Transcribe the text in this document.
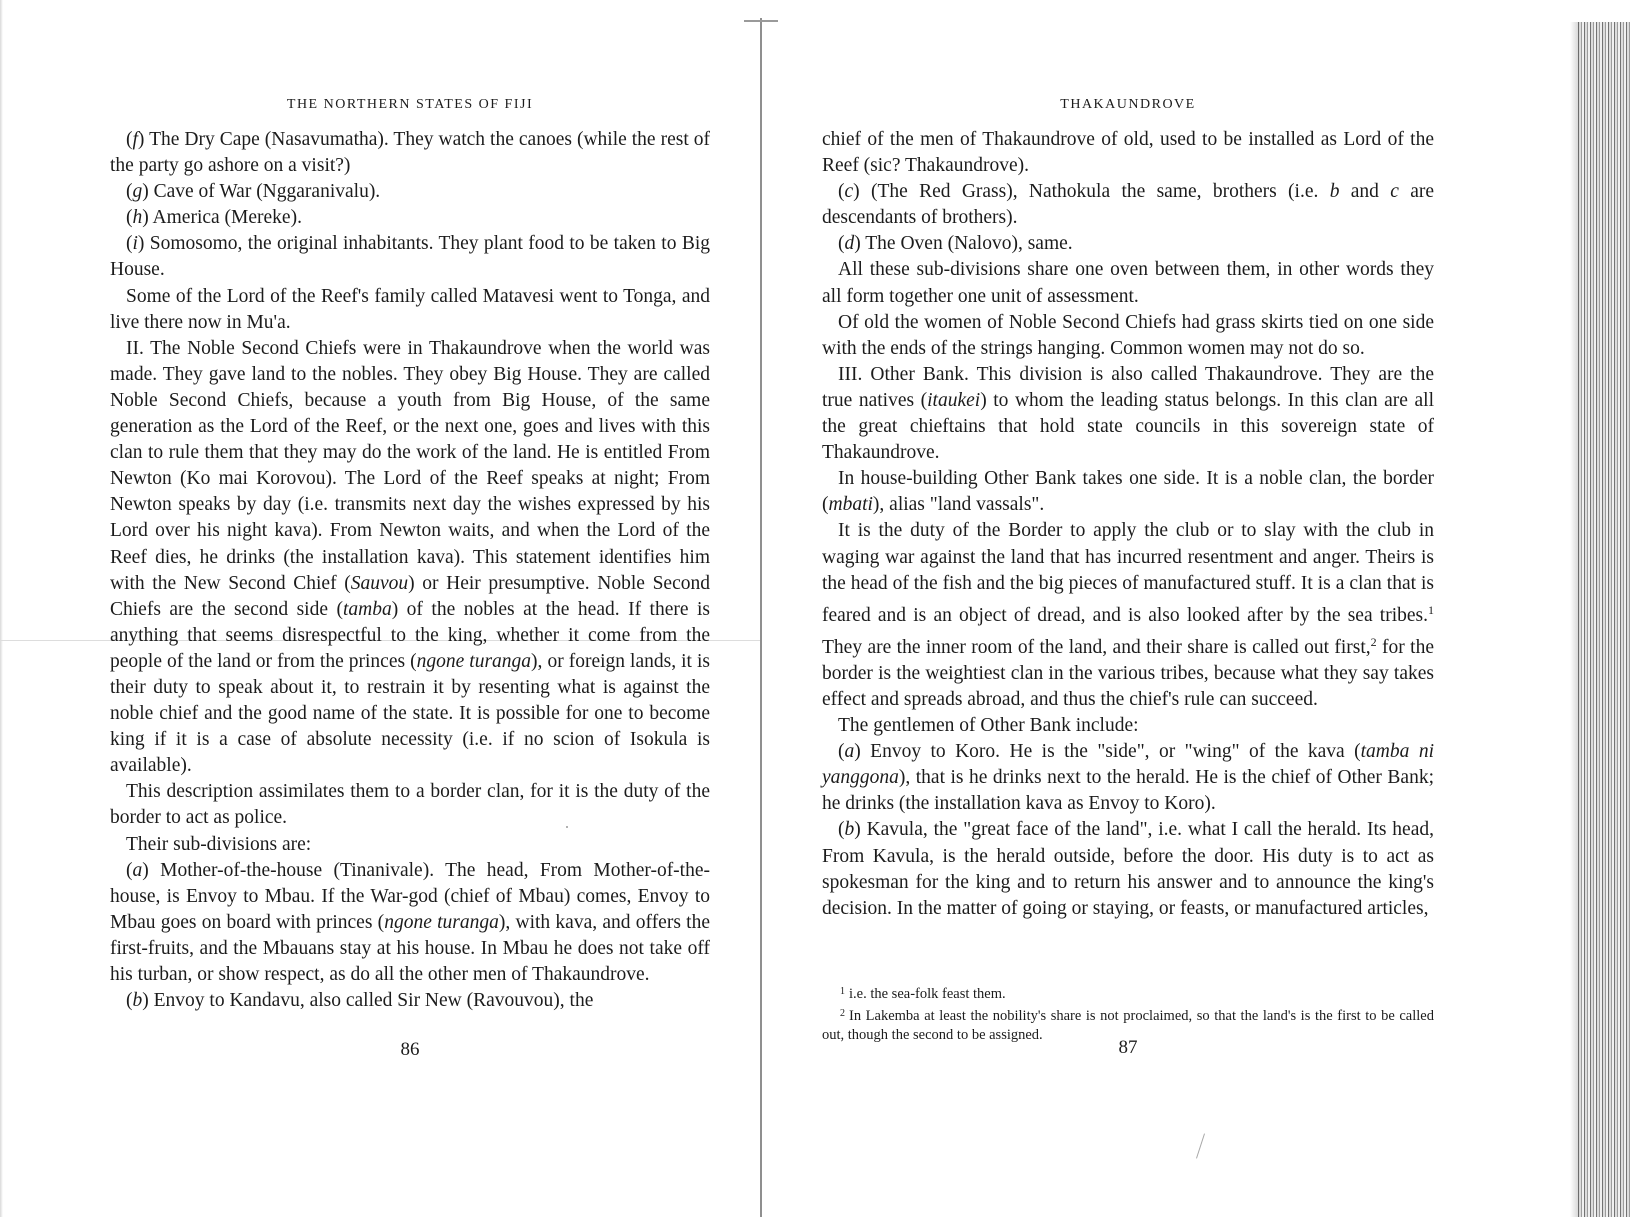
THE NORTHERN STATES OF FIJI

(f) The Dry Cape (Nasavumatha). They watch the canoes (while the rest of the party go ashore on a visit?)

(g) Cave of War (Nggaranivalu).

(h) America (Mereke).

(i) Somosomo, the original inhabitants. They plant food to be taken to Big House.

Some of the Lord of the Reef's family called Matavesi went to Tonga, and live there now in Mu'a.

II. The Noble Second Chiefs were in Thakaundrove when the world was made. They gave land to the nobles. They obey Big House. They are called Noble Second Chiefs, because a youth from Big House, of the same generation as the Lord of the Reef, or the next one, goes and lives with this clan to rule them that they may do the work of the land. He is entitled From Newton (Ko mai Korovou). The Lord of the Reef speaks at night; From Newton speaks by day (i.e. transmits next day the wishes expressed by his Lord over his night kava). From Newton waits, and when the Lord of the Reef dies, he drinks (the installation kava). This statement identifies him with the New Second Chief (Sauvou) or Heir presumptive. Noble Second Chiefs are the second side (tamba) of the nobles at the head. If there is anything that seems disrespectful to the king, whether it come from the people of the land or from the princes (ngone turanga), or foreign lands, it is their duty to speak about it, to restrain it by resenting what is against the noble chief and the good name of the state. It is possible for one to become king if it is a case of absolute necessity (i.e. if no scion of Isokula is available).

This description assimilates them to a border clan, for it is the duty of the border to act as police.

Their sub-divisions are:

(a) Mother-of-the-house (Tinanivale). The head, From Mother-of-the-house, is Envoy to Mbau. If the War-god (chief of Mbau) comes, Envoy to Mbau goes on board with princes (ngone turanga), with kava, and offers the first-fruits, and the Mbauans stay at his house. In Mbau he does not take off his turban, or show respect, as do all the other men of Thakaundrove.

(b) Envoy to Kandavu, also called Sir New (Ravouvou), the

86

THAKAUNDROVE

chief of the men of Thakaundrove of old, used to be installed as Lord of the Reef (sic? Thakaundrove).

(c) (The Red Grass), Nathokula the same, brothers (i.e. b and c are descendants of brothers).

(d) The Oven (Nalovo), same.

All these sub-divisions share one oven between them, in other words they all form together one unit of assessment.

Of old the women of Noble Second Chiefs had grass skirts tied on one side with the ends of the strings hanging. Common women may not do so.

III. Other Bank. This division is also called Thakaundrove. They are the true natives (itaukei) to whom the leading status belongs. In this clan are all the great chieftains that hold state councils in this sovereign state of Thakaundrove.

In house-building Other Bank takes one side. It is a noble clan, the border (mbati), alias "land vassals".

It is the duty of the Border to apply the club or to slay with the club in waging war against the land that has incurred resentment and anger. Theirs is the head of the fish and the big pieces of manufactured stuff. It is a clan that is feared and is an object of dread, and is also looked after by the sea tribes.$^1$ They are the inner room of the land, and their share is called out first,$^2$ for the border is the weightiest clan in the various tribes, because what they say takes effect and spreads abroad, and thus the chief's rule can succeed.

The gentlemen of Other Bank include:

(a) Envoy to Koro. He is the "side", or "wing" of the kava (tamba ni yanggona), that is he drinks next to the herald. He is the chief of Other Bank; he drinks (the installation kava as Envoy to Koro).

(b) Kavula, the "great face of the land", i.e. what I call the herald. Its head, From Kavula, is the herald outside, before the door. His duty is to act as spokesman for the king and to return his answer and to announce the king's decision. In the matter of going or staying, or feasts, or manufactured articles,

$^1$ i.e. the sea-folk feast them.

$^2$ In Lakemba at least the nobility's share is not proclaimed, so that the land's is the first to be called out, though the second to be assigned.

87
